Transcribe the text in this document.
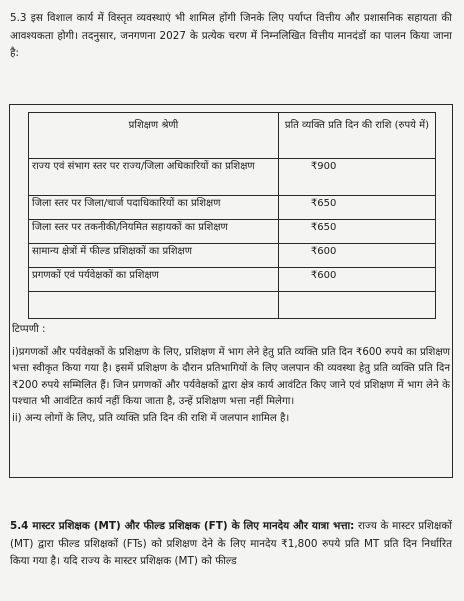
5.3 इस विशाल कार्य में विस्तृत व्यवस्थाएं भी शामिल होंगी जिनके लिए पर्याप्त वित्तीय और प्रशासनिक सहायता की आवश्यकता होगी। तदनुसार, जनगणना 2027 के प्रत्येक चरण में निम्नलिखित वित्तीय मानदंडों का पालन किया जाना है:
प्रशिक्षण श्रेणी	प्रति व्यक्ति प्रति दिन की राशि (रुपये में)
राज्य एवं संभाग स्तर पर राज्य/जिला अधिकारियों का प्रशिक्षण	₹900
जिला स्तर पर जिला/चार्ज पदाधिकारियों का प्रशिक्षण	₹650
जिला स्तर पर तकनीकी/नियमित सहायकों का प्रशिक्षण	₹650
सामान्य क्षेत्रों में फील्ड प्रशिक्षकों का प्रशिक्षण	₹600
प्रगणकों एवं पर्यवेक्षकों का प्रशिक्षण	₹600

टिप्पणी :
i)प्रगणकों और पर्यवेक्षकों के प्रशिक्षण के लिए, प्रशिक्षण में भाग लेने हेतु प्रति व्यक्ति प्रति दिन ₹600 रुपये का प्रशिक्षण भत्ता स्वीकृत किया गया है। इसमें प्रशिक्षण के दौरान प्रतिभागियों के लिए जलपान की व्यवस्था हेतु प्रति व्यक्ति प्रति दिन ₹200 रुपये सम्मिलित हैं। जिन प्रगणकों और पर्यवेक्षकों द्वारा क्षेत्र कार्य आवंटित किए जाने एवं प्रशिक्षण में भाग लेने के पश्चात भी आवंटित कार्य नहीं किया जाता है, उन्हें प्रशिक्षण भत्ता नहीं मिलेगा।
ii) अन्य लोगों के लिए, प्रति व्यक्ति प्रति दिन की राशि में जलपान शामिल है।
5.4 मास्टर प्रशिक्षक (MT) और फील्ड प्रशिक्षक (FT) के लिए मानदेय और यात्रा भत्ता: राज्य के मास्टर प्रशिक्षकों (MT) द्वारा फील्ड प्रशिक्षकों (FTs) को प्रशिक्षण देने के लिए मानदेय ₹1,800 रुपये प्रति MT प्रति दिन निर्धारित किया गया है। यदि राज्य के मास्टर प्रशिक्षक (MT) को फील्ड
